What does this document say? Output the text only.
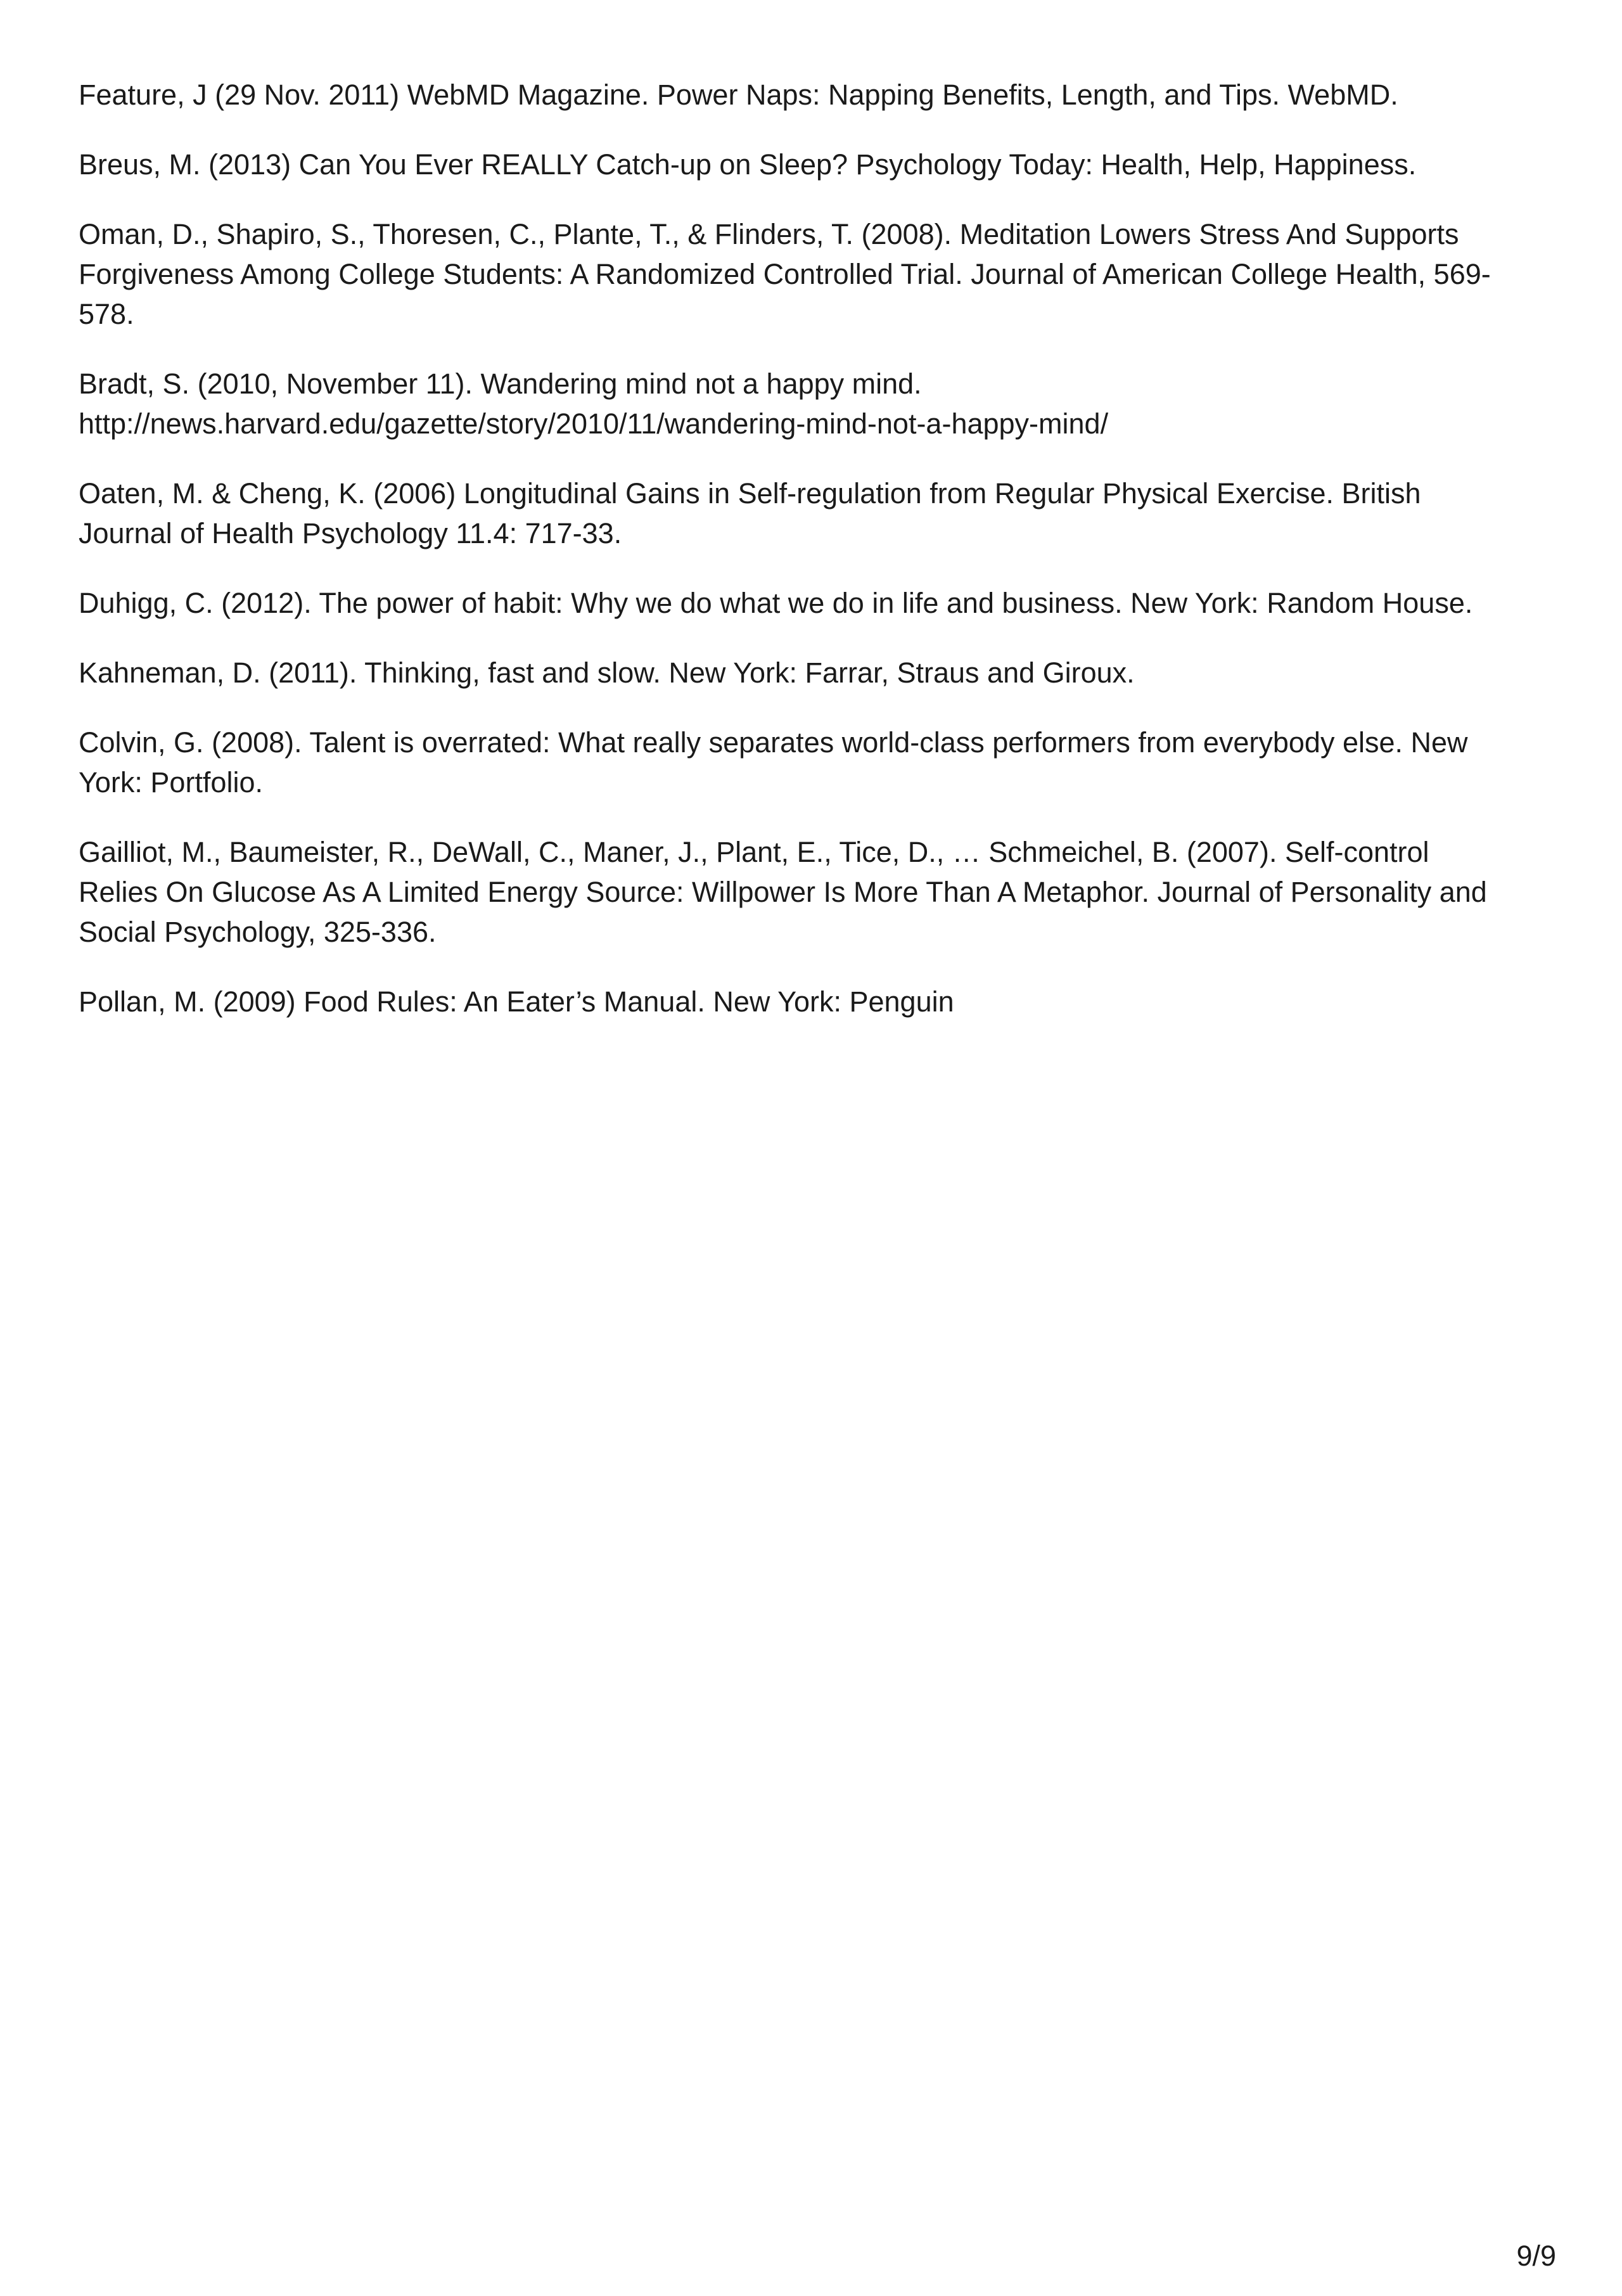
Feature, J (29 Nov. 2011) WebMD Magazine. Power Naps: Napping Benefits, Length, and Tips. WebMD.
Breus, M. (2013) Can You Ever REALLY Catch-up on Sleep? Psychology Today: Health, Help, Happiness.
Oman, D., Shapiro, S., Thoresen, C., Plante, T., & Flinders, T. (2008). Meditation Lowers Stress And Supports
Forgiveness Among College Students: A Randomized Controlled Trial. Journal of American College Health, 569-
578.
Bradt, S. (2010, November 11). Wandering mind not a happy mind.
http://news.harvard.edu/gazette/story/2010/11/wandering-mind-not-a-happy-mind/
Oaten, M. & Cheng, K. (2006) Longitudinal Gains in Self-regulation from Regular Physical Exercise. British
Journal of Health Psychology 11.4: 717-33.
Duhigg, C. (2012). The power of habit: Why we do what we do in life and business. New York: Random House.
Kahneman, D. (2011). Thinking, fast and slow. New York: Farrar, Straus and Giroux.
Colvin, G. (2008). Talent is overrated: What really separates world-class performers from everybody else. New
York: Portfolio.
Gailliot, M., Baumeister, R., DeWall, C., Maner, J., Plant, E., Tice, D., … Schmeichel, B. (2007). Self-control
Relies On Glucose As A Limited Energy Source: Willpower Is More Than A Metaphor. Journal of Personality and
Social Psychology, 325-336.
Pollan, M. (2009) Food Rules: An Eater’s Manual. New York: Penguin
9/9
